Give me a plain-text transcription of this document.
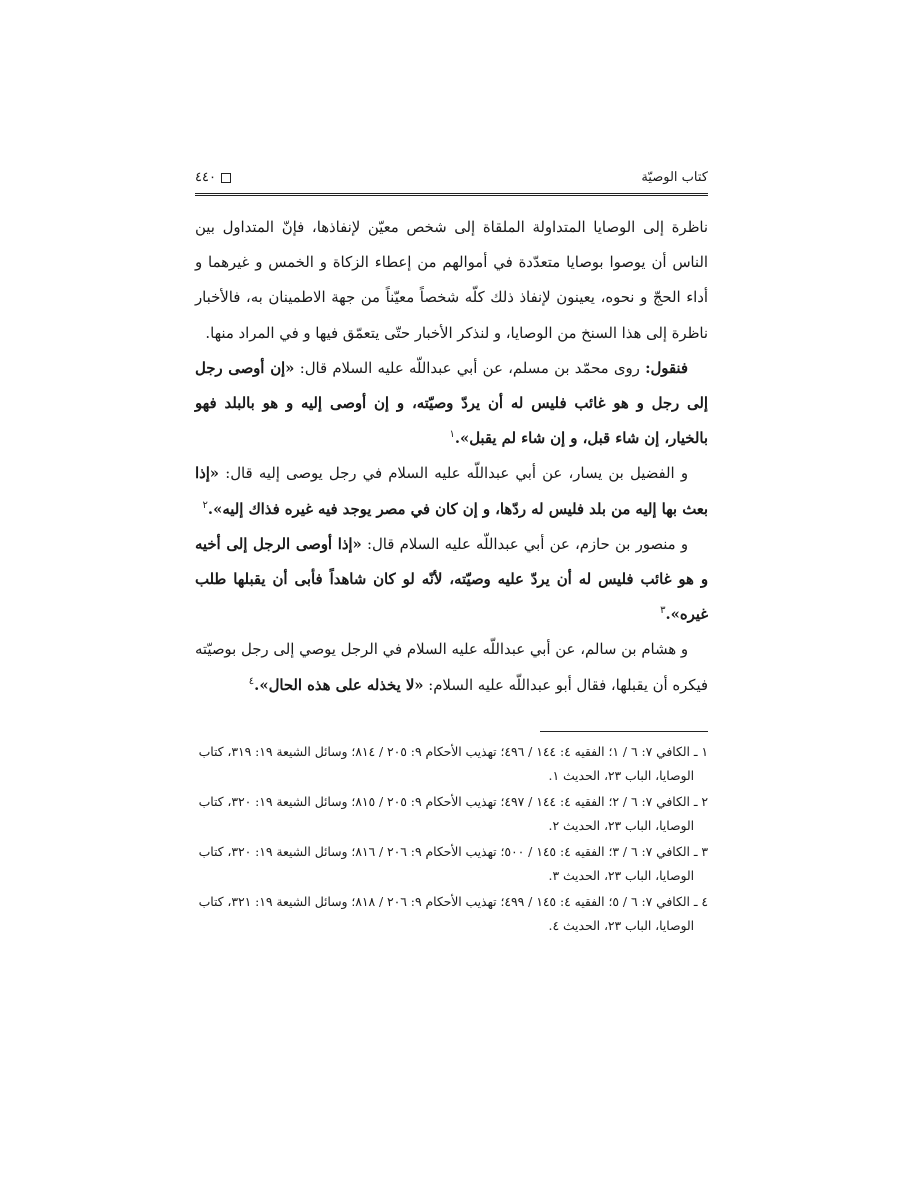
كتاب الوصيّة
٤٤٠

ناظرة إلى الوصايا المتداولة الملقاة إلى شخص معيّن لإنفاذها، فإنّ المتداول بين الناس أن يوصوا بوصايا متعدّدة في أموالهم من إعطاء الزكاة و الخمس و غيرهما و أداء الحجّ و نحوه، يعينون لإنفاذ ذلك كلّه شخصاً معيّناً من جهة الاطمينان به، فالأخبار ناظرة إلى هذا السنخ من الوصايا، و لنذكر الأخبار حتّى يتعمّق فيها و في المراد منها.

فنقول: روى محمّد بن مسلم، عن أبي عبداللّه عليه السلام قال: «إن أوصى رجل إلى رجل و هو غائب فليس له أن يردّ وصيّته، و إن أوصى إليه و هو بالبلد فهو بالخيار، إن شاء قبل، و إن شاء لم يقبل».$^١$

و الفضيل بن يسار، عن أبي عبداللّه عليه السلام في رجل يوصى إليه قال: «إذا بعث بها إليه من بلد فليس له ردّها، و إن كان في مصر يوجد فيه غيره فذاك إليه».$^٢$

و منصور بن حازم، عن أبي عبداللّه عليه السلام قال: «إذا أوصى الرجل إلى أخيه و هو غائب فليس له أن يردّ عليه وصيّته، لأنّه لو كان شاهداً فأبى أن يقبلها طلب غيره».$^٣$

و هشام بن سالم، عن أبي عبداللّه عليه السلام في الرجل يوصي إلى رجل بوصيّته فيكره أن يقبلها، فقال أبو عبداللّه عليه السلام: «لا يخذله على هذه الحال».$^٤$

١ ـ الكافي ٧: ٦ / ١؛ الفقيه ٤: ١٤٤ / ٤٩٦؛ تهذيب الأحكام ٩: ٢٠٥ / ٨١٤؛ وسائل الشيعة ١٩: ٣١٩، كتاب الوصايا، الباب ٢٣، الحديث ١.

٢ ـ الكافي ٧: ٦ / ٢؛ الفقيه ٤: ١٤٤ / ٤٩٧؛ تهذيب الأحكام ٩: ٢٠٥ / ٨١٥؛ وسائل الشيعة ١٩: ٣٢٠، كتاب الوصايا، الباب ٢٣، الحديث ٢.

٣ ـ الكافي ٧: ٦ / ٣؛ الفقيه ٤: ١٤٥ / ٥٠٠؛ تهذيب الأحكام ٩: ٢٠٦ / ٨١٦؛ وسائل الشيعة ١٩: ٣٢٠، كتاب الوصايا، الباب ٢٣، الحديث ٣.

٤ ـ الكافي ٧: ٦ / ٥؛ الفقيه ٤: ١٤٥ / ٤٩٩؛ تهذيب الأحكام ٩: ٢٠٦ / ٨١٨؛ وسائل الشيعة ١٩: ٣٢١، كتاب الوصايا، الباب ٢٣، الحديث ٤.
